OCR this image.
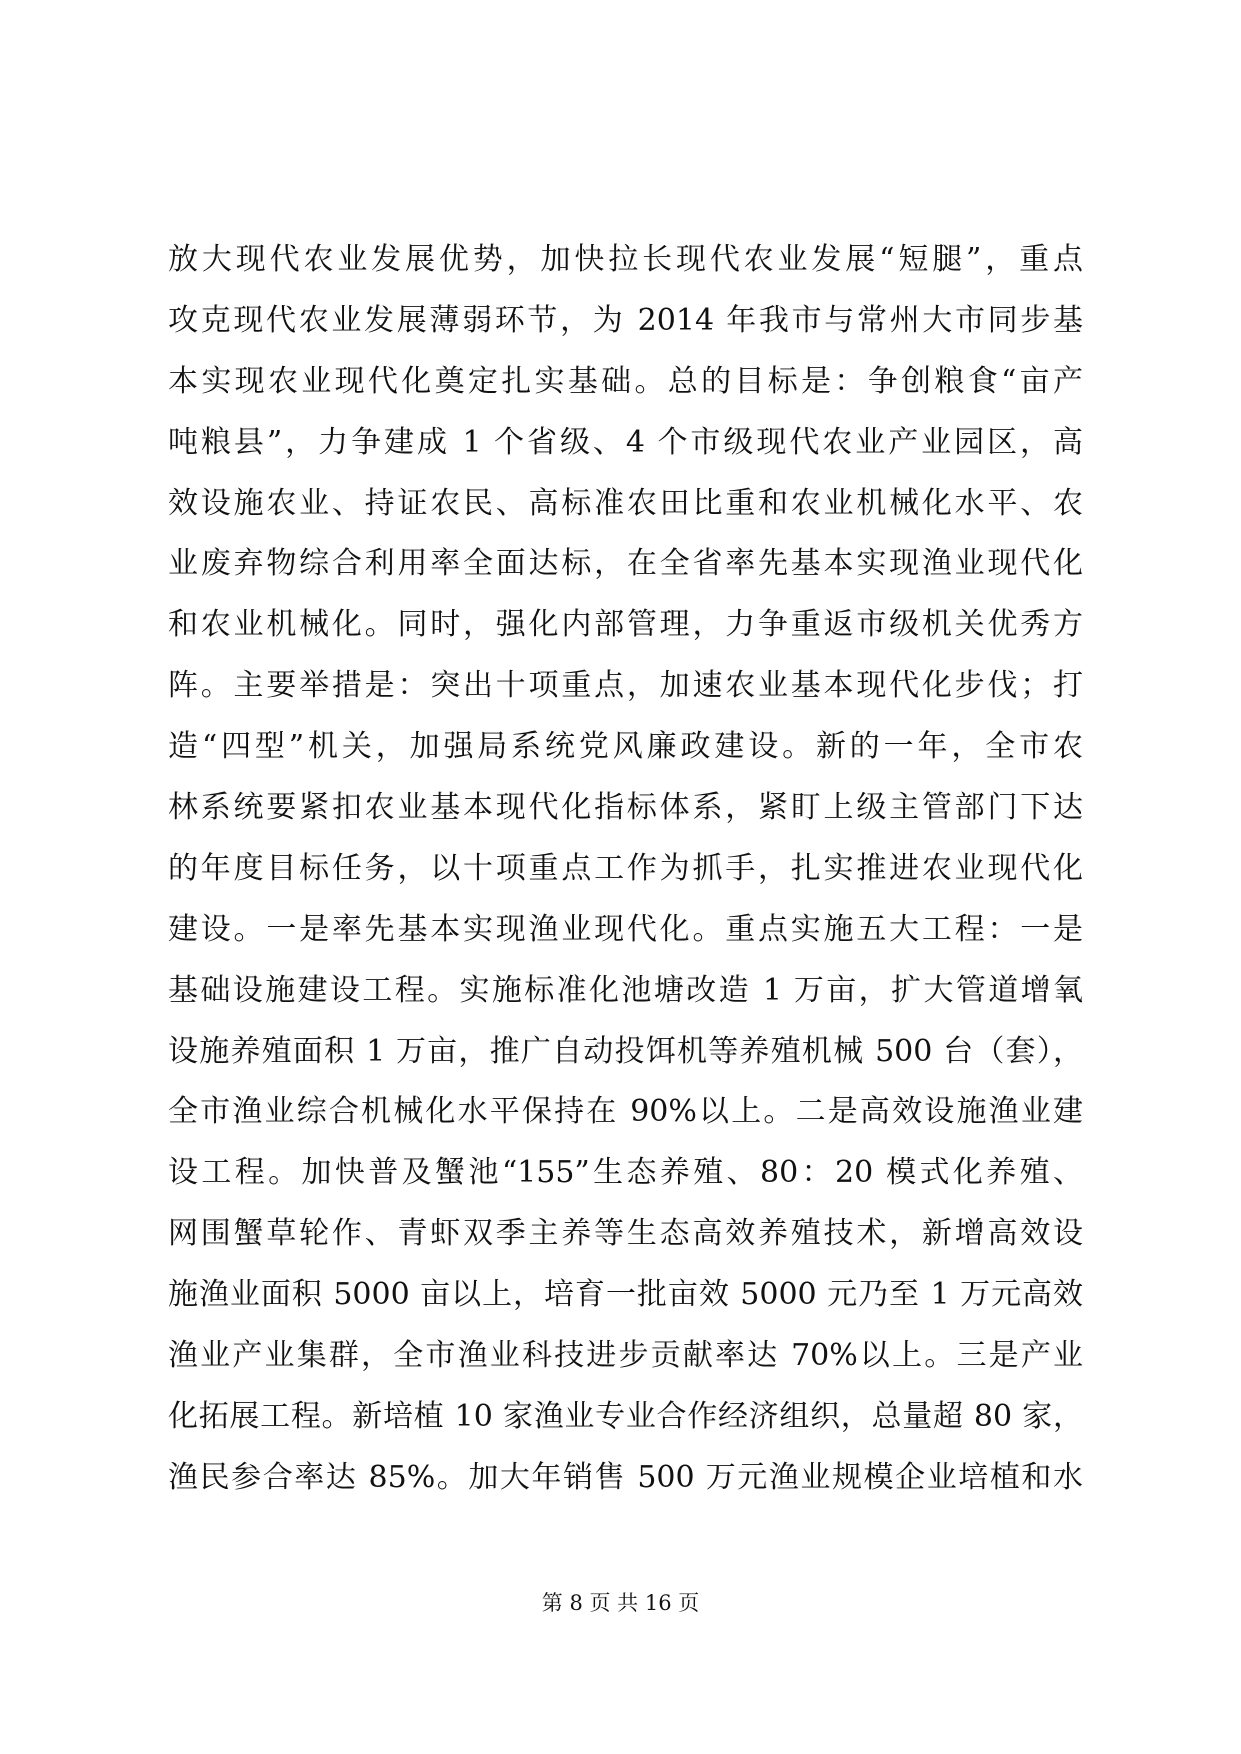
放大现代农业发展优势，加快拉长现代农业发展“短腿”，重点
攻克现代农业发展薄弱环节，为 2014 年我市与常州大市同步基
本实现农业现代化奠定扎实基础。总的目标是：争创粮食“亩产
吨粮县”，力争建成 1 个省级、4 个市级现代农业产业园区，高
效设施农业、持证农民、高标准农田比重和农业机械化水平、农
业废弃物综合利用率全面达标，在全省率先基本实现渔业现代化
和农业机械化。同时，强化内部管理，力争重返市级机关优秀方
阵。主要举措是：突出十项重点，加速农业基本现代化步伐；打
造“四型”机关，加强局系统党风廉政建设。新的一年，全市农
林系统要紧扣农业基本现代化指标体系，紧盯上级主管部门下达
的年度目标任务，以十项重点工作为抓手，扎实推进农业现代化
建设。一是率先基本实现渔业现代化。重点实施五大工程：一是
基础设施建设工程。实施标准化池塘改造 1 万亩，扩大管道增氧
设施养殖面积 1 万亩，推广自动投饵机等养殖机械 500 台（套），
全市渔业综合机械化水平保持在 90%以上。二是高效设施渔业建
设工程。加快普及蟹池“155”生态养殖、80：20 模式化养殖、
网围蟹草轮作、青虾双季主养等生态高效养殖技术，新增高效设
施渔业面积 5000 亩以上，培育一批亩效 5000 元乃至 1 万元高效
渔业产业集群，全市渔业科技进步贡献率达 70%以上。三是产业
化拓展工程。新培植 10 家渔业专业合作经济组织，总量超 80 家，
渔民参合率达 85%。加大年销售 500 万元渔业规模企业培植和水
第 8 页 共 16 页
